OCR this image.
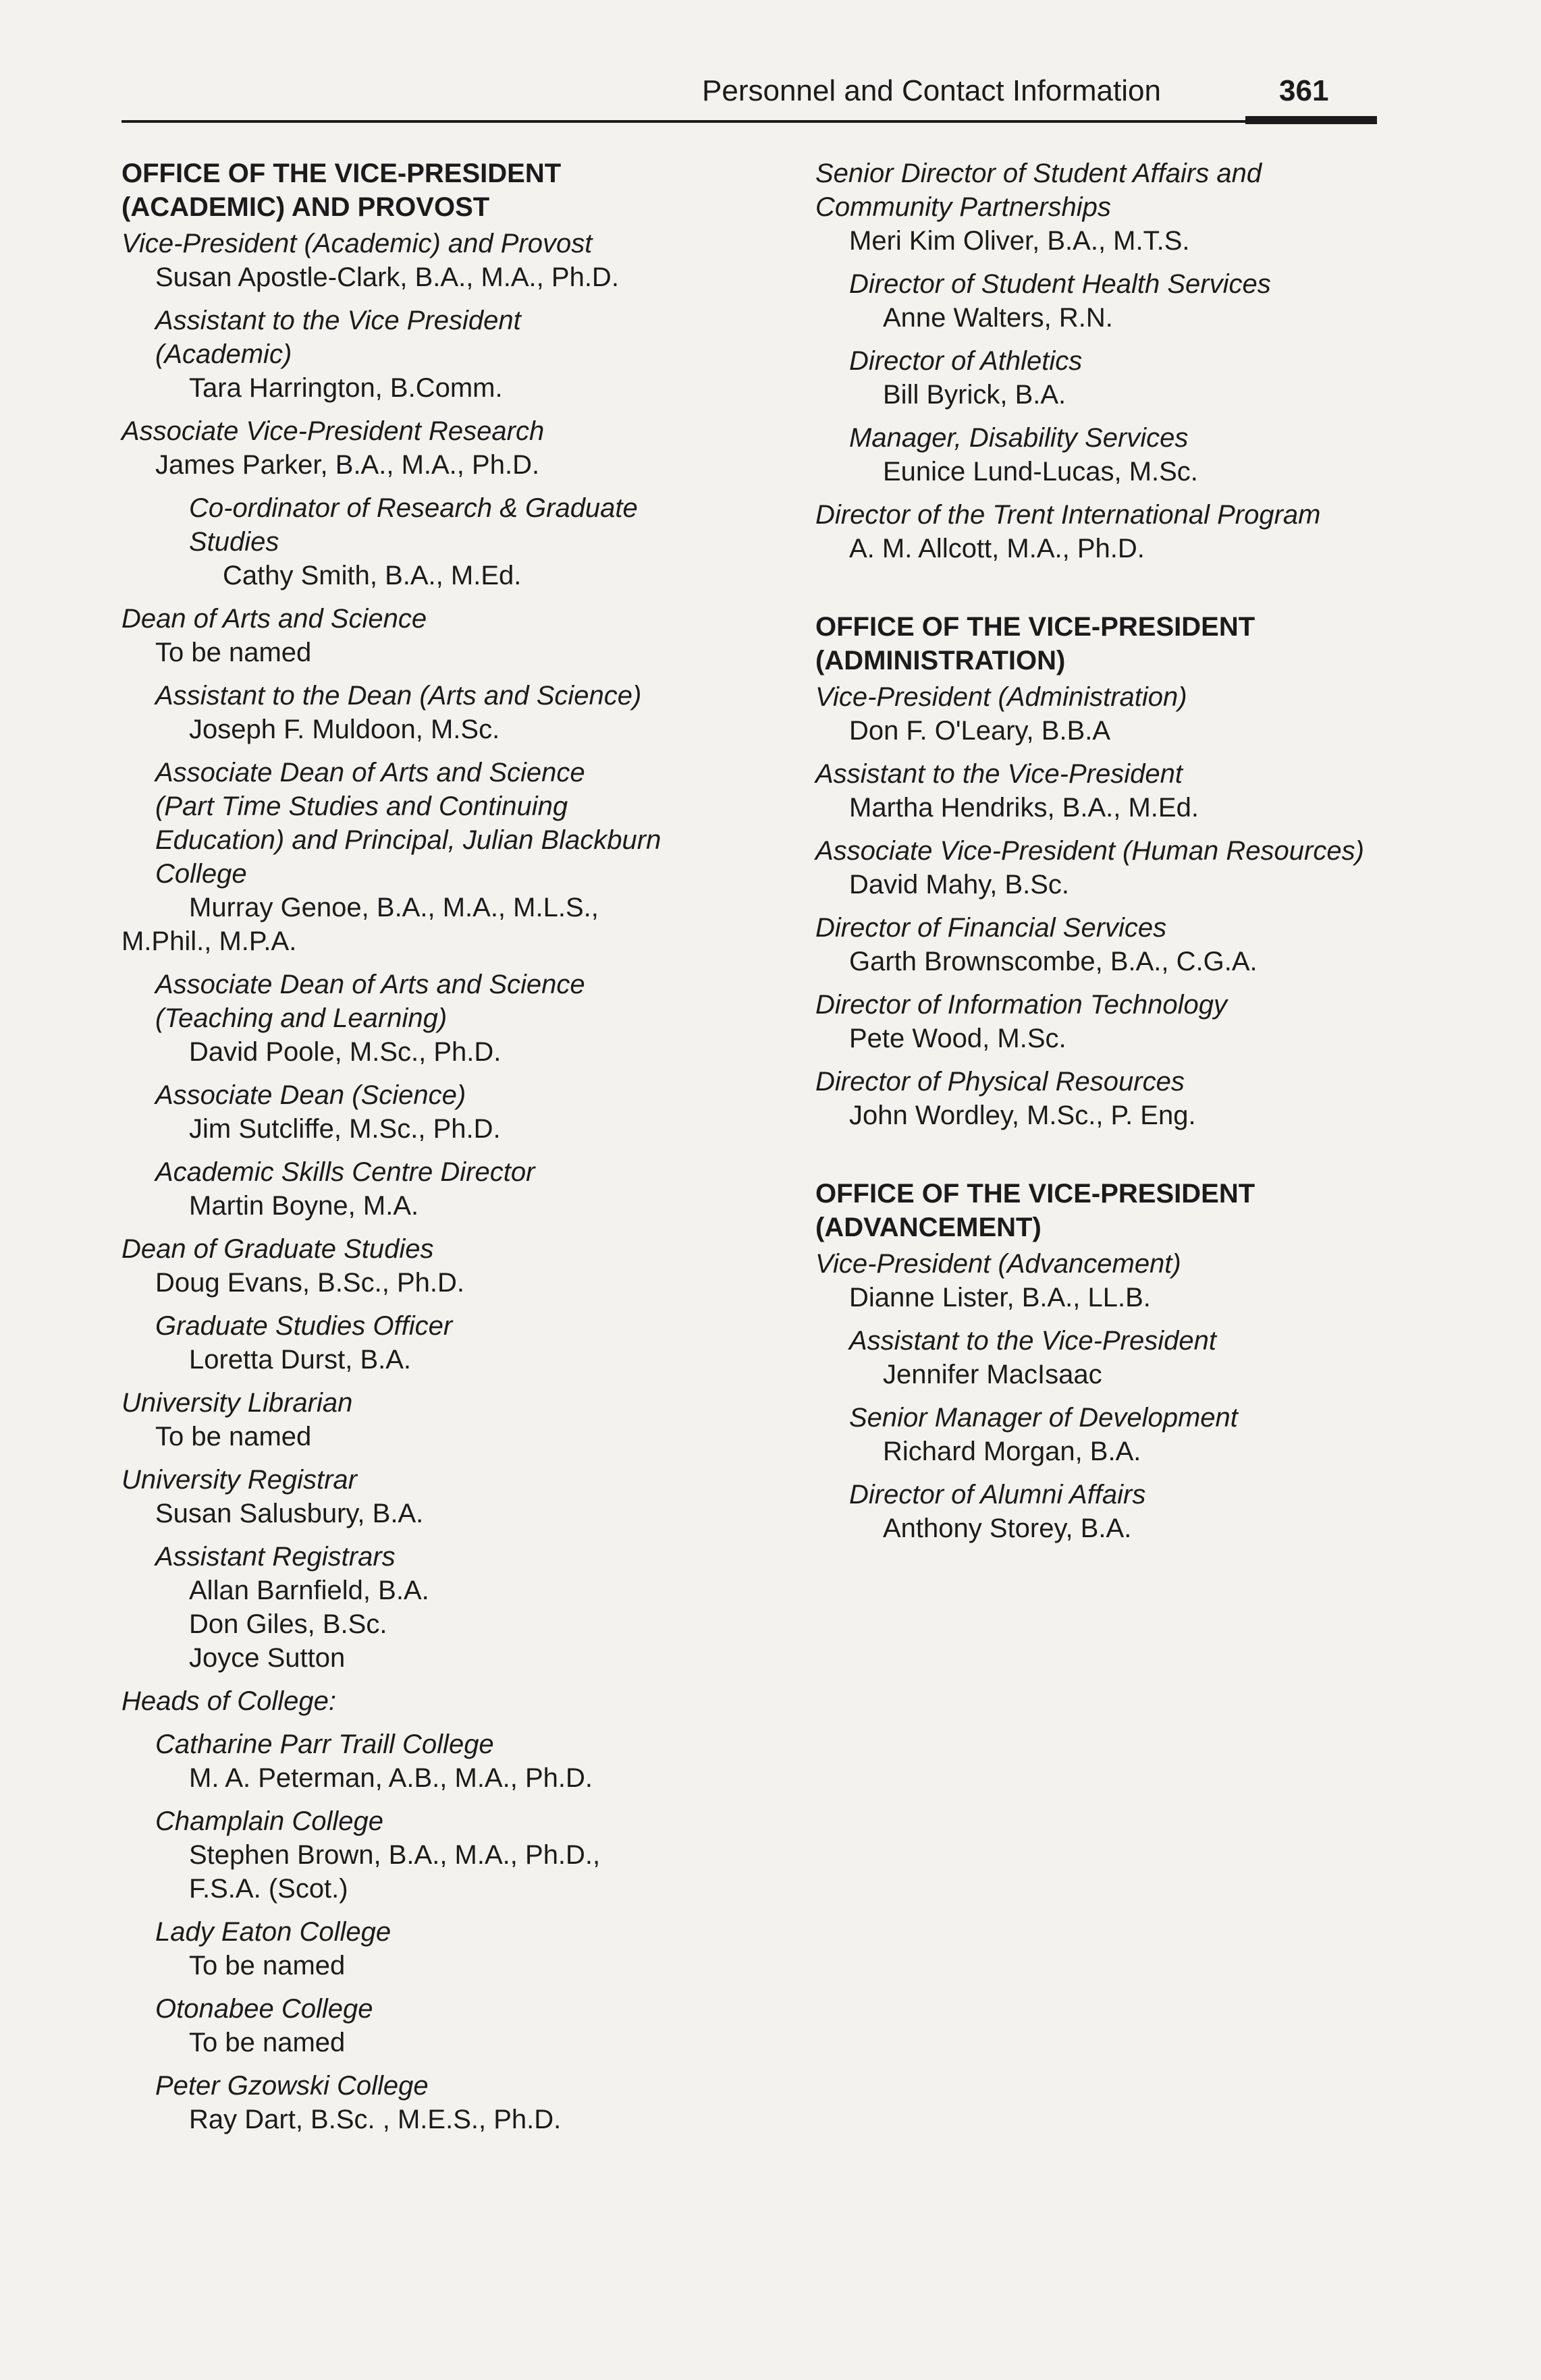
Personnel and Contact Information	361
OFFICE OF THE VICE-PRESIDENT
(ACADEMIC) AND PROVOST
Vice-President (Academic) and Provost
Susan Apostle-Clark, B.A., M.A., Ph.D.
Assistant to the Vice President
(Academic)
Tara Harrington, B.Comm.
Associate Vice-President Research
James Parker, B.A., M.A., Ph.D.
Co-ordinator of Research & Graduate
Studies
Cathy Smith, B.A., M.Ed.
Dean of Arts and Science
To be named
Assistant to the Dean (Arts and Science)
Joseph F. Muldoon, M.Sc.
Associate Dean of Arts and Science
(Part Time Studies and Continuing
Education) and Principal, Julian Blackburn
College
Murray Genoe, B.A., M.A., M.L.S.,
M.Phil., M.P.A.
Associate Dean of Arts and Science
(Teaching and Learning)
David Poole, M.Sc., Ph.D.
Associate Dean (Science)
Jim Sutcliffe, M.Sc., Ph.D.
Academic Skills Centre Director
Martin Boyne, M.A.
Dean of Graduate Studies
Doug Evans, B.Sc., Ph.D.
Graduate Studies Officer
Loretta Durst, B.A.
University Librarian
To be named
University Registrar
Susan Salusbury, B.A.
Assistant Registrars
Allan Barnfield, B.A.
Don Giles, B.Sc.
Joyce Sutton
Heads of College:
Catharine Parr Traill College
M. A. Peterman, A.B., M.A., Ph.D.
Champlain College
Stephen Brown, B.A., M.A., Ph.D.,
F.S.A. (Scot.)
Lady Eaton College
To be named
Otonabee College
To be named
Peter Gzowski College
Ray Dart, B.Sc. , M.E.S., Ph.D.
Senior Director of Student Affairs and
Community Partnerships
Meri Kim Oliver, B.A., M.T.S.
Director of Student Health Services
Anne Walters, R.N.
Director of Athletics
Bill Byrick, B.A.
Manager, Disability Services
Eunice Lund-Lucas, M.Sc.
Director of the Trent International Program
A. M. Allcott, M.A., Ph.D.
OFFICE OF THE VICE-PRESIDENT
(ADMINISTRATION)
Vice-President (Administration)
Don F. O'Leary, B.B.A
Assistant to the Vice-President
Martha Hendriks, B.A., M.Ed.
Associate Vice-President (Human Resources)
David Mahy, B.Sc.
Director of Financial Services
Garth Brownscombe, B.A., C.G.A.
Director of Information Technology
Pete Wood, M.Sc.
Director of Physical Resources
John Wordley, M.Sc., P. Eng.
OFFICE OF THE VICE-PRESIDENT
(ADVANCEMENT)
Vice-President (Advancement)
Dianne Lister, B.A., LL.B.
Assistant to the Vice-President
Jennifer MacIsaac
Senior Manager of Development
Richard Morgan, B.A.
Director of Alumni Affairs
Anthony Storey, B.A.
